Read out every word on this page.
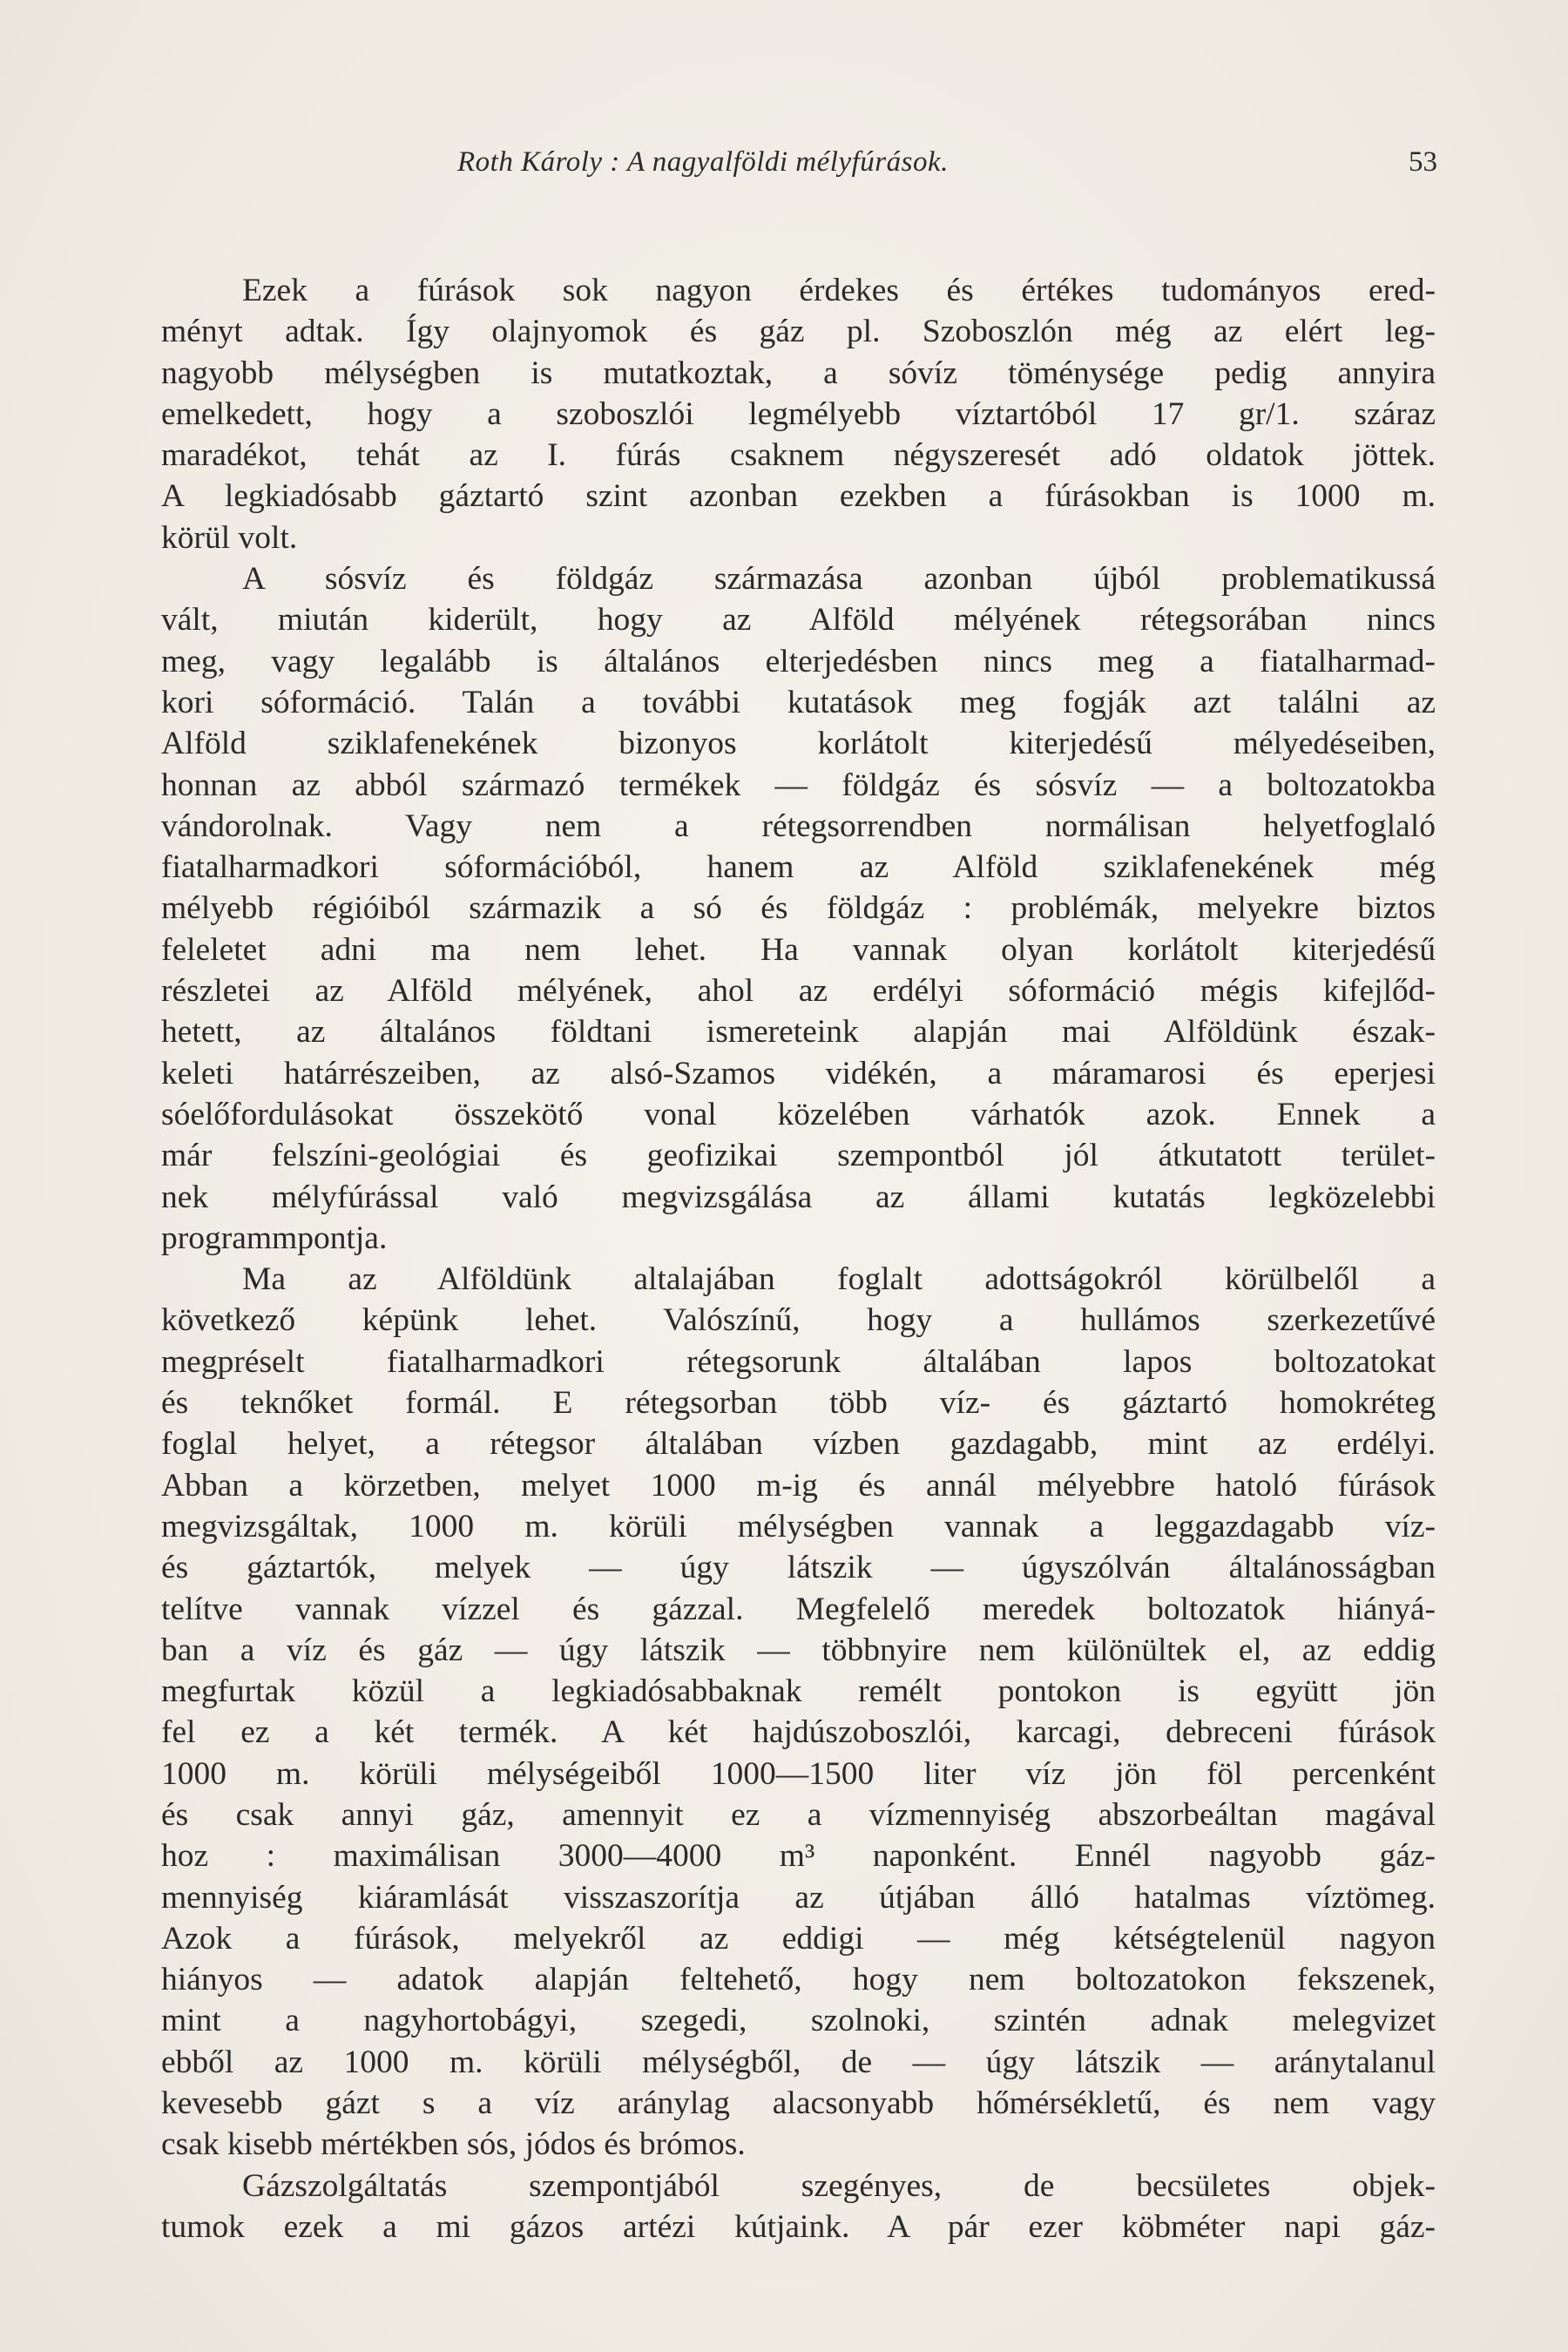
Roth Károly : A nagyalföldi mélyfúrások.	53

Ezek a fúrások sok nagyon érdekes és értékes tudományos ered-
ményt adtak. Így olajnyomok és gáz pl. Szoboszlón még az elért leg-
nagyobb mélységben is mutatkoztak, a sóvíz töménysége pedig annyira
emelkedett, hogy a szoboszlói legmélyebb víztartóból 17 gr/1. száraz
maradékot, tehát az I. fúrás csaknem négyszeresét adó oldatok jöttek.
A legkiadósabb gáztartó szint azonban ezekben a fúrásokban is 1000 m.
körül volt.

A sósvíz és földgáz származása azonban újból problematikussá
vált, miután kiderült, hogy az Alföld mélyének rétegsorában nincs
meg, vagy legalább is általános elterjedésben nincs meg a fiatalharmad-
kori sóformáció. Talán a további kutatások meg fogják azt találni az
Alföld sziklafenekének bizonyos korlátolt kiterjedésű mélyedéseiben,
honnan az abból származó termékek — földgáz és sósvíz — a boltozatokba
vándorolnak. Vagy nem a rétegsorrendben normálisan helyetfoglaló
fiatalharmadkori sóformációból, hanem az Alföld sziklafenekének még
mélyebb régióiból származik a só és földgáz : problémák, melyekre biztos
feleletet adni ma nem lehet. Ha vannak olyan korlátolt kiterjedésű
részletei az Alföld mélyének, ahol az erdélyi sóformáció mégis kifejlőd-
hetett, az általános földtani ismereteink alapján mai Alföldünk észak-
keleti határrészeiben, az alsó-Szamos vidékén, a máramarosi és eperjesi
sóelőfordulásokat összekötő vonal közelében várhatók azok. Ennek a
már felszíni-geológiai és geofizikai szempontból jól átkutatott terület-
nek mélyfúrással való megvizsgálása az állami kutatás legközelebbi
programmpontja.

Ma az Alföldünk altalajában foglalt adottságokról körülbelől a
következő képünk lehet. Valószínű, hogy a hullámos szerkezetűvé
megpréselt fiatalharmadkori rétegsorunk általában lapos boltozatokat
és teknőket formál. E rétegsorban több víz- és gáztartó homokréteg
foglal helyet, a rétegsor általában vízben gazdagabb, mint az erdélyi.
Abban a körzetben, melyet 1000 m-ig és annál mélyebbre hatoló fúrások
megvizsgáltak, 1000 m. körüli mélységben vannak a leggazdagabb víz-
és gáztartók, melyek — úgy látszik — úgyszólván általánosságban
telítve vannak vízzel és gázzal. Megfelelő meredek boltozatok hiányá-
ban a víz és gáz — úgy látszik — többnyire nem különültek el, az eddig
megfurtak közül a legkiadósabbaknak remélt pontokon is együtt jön
fel ez a két termék. A két hajdúszoboszlói, karcagi, debreceni fúrások
1000 m. körüli mélységeiből 1000—1500 liter víz jön föl percenként
és csak annyi gáz, amennyit ez a vízmennyiség abszorbeáltan magával
hoz : maximálisan 3000—4000 m³ naponként. Ennél nagyobb gáz-
mennyiség kiáramlását visszaszorítja az útjában álló hatalmas víztömeg.
Azok a fúrások, melyekről az eddigi — még kétségtelenül nagyon
hiányos — adatok alapján feltehető, hogy nem boltozatokon fekszenek,
mint a nagyhortobágyi, szegedi, szolnoki, szintén adnak melegvizet
ebből az 1000 m. körüli mélységből, de — úgy látszik — aránytalanul
kevesebb gázt s a víz aránylag alacsonyabb hőmérsékletű, és nem vagy
csak kisebb mértékben sós, jódos és brómos.

Gázszolgáltatás szempontjából szegényes, de becsületes objek-
tumok ezek a mi gázos artézi kútjaink. A pár ezer köbméter napi gáz-
